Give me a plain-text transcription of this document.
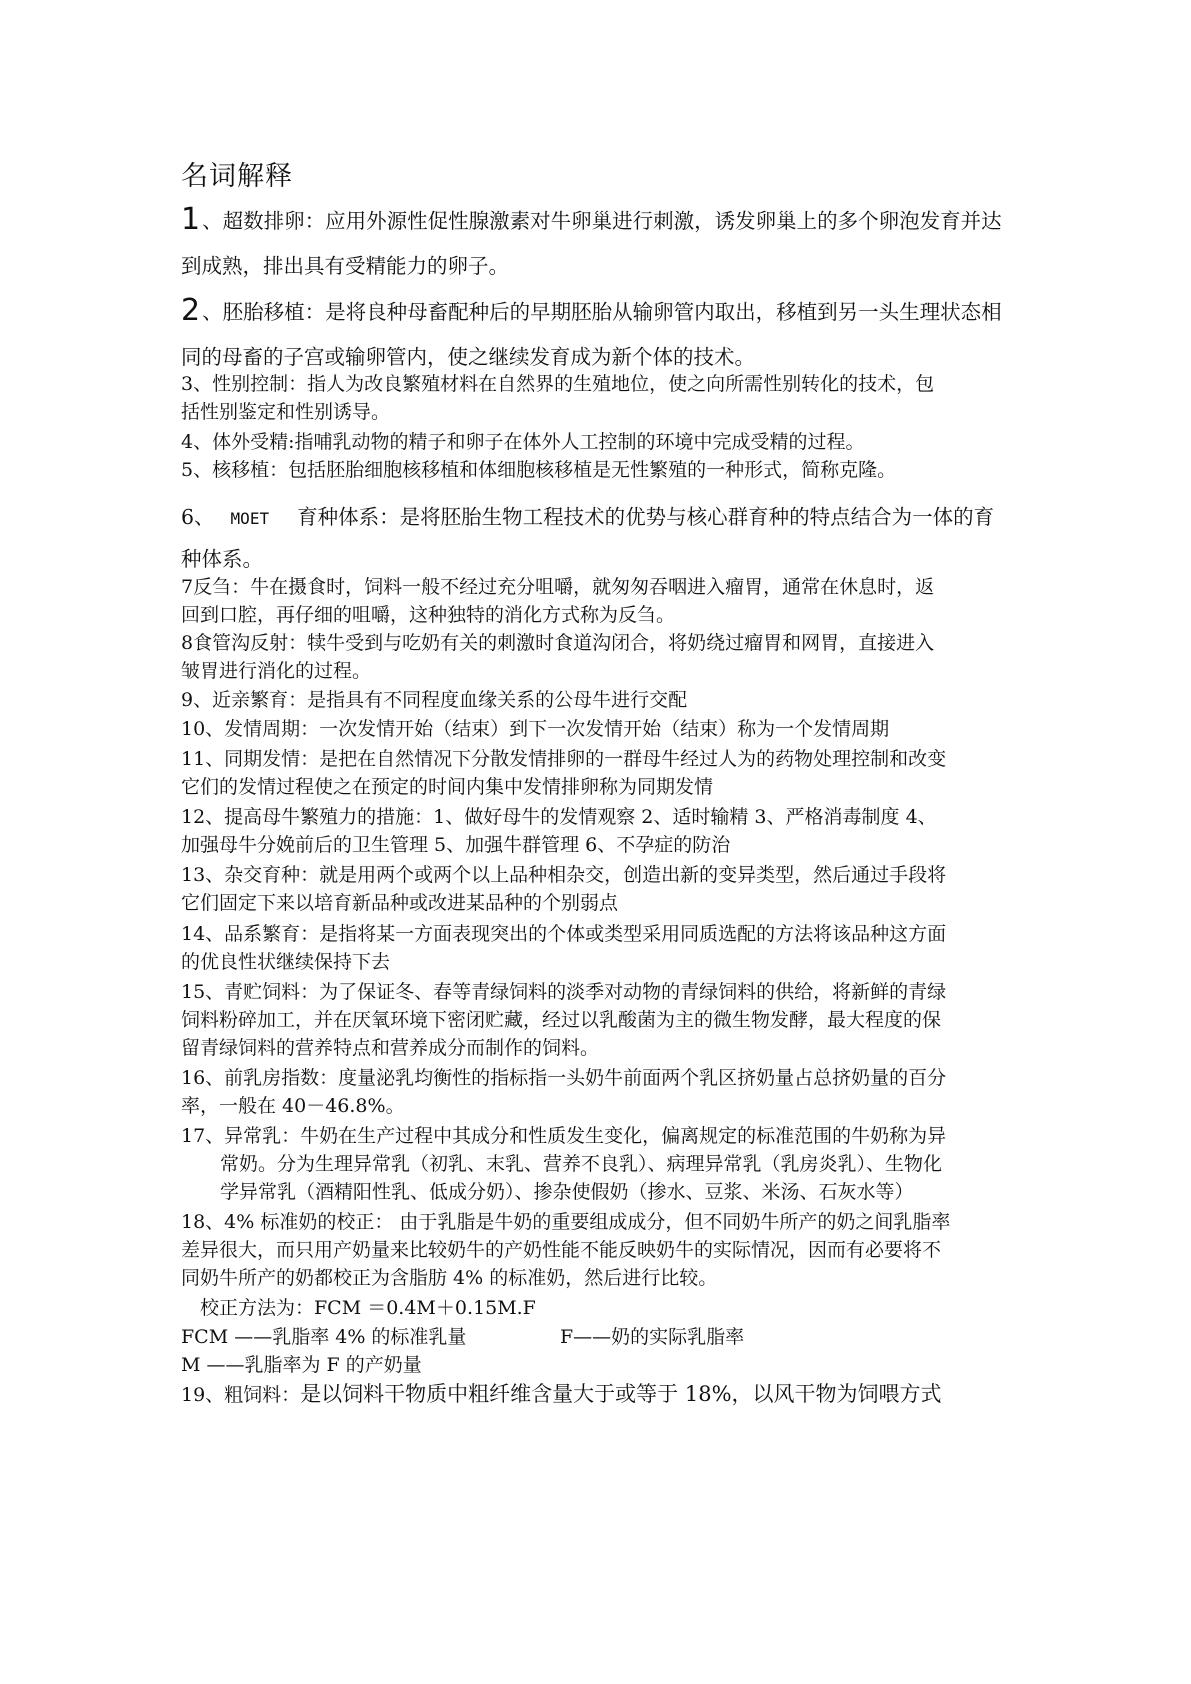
名词解释
1、超数排卵：应用外源性促性腺激素对牛卵巢进行刺激，诱发卵巢上的多个卵泡发育并达
到成熟，排出具有受精能力的卵子。
2、胚胎移植：是将良种母畜配种后的早期胚胎从输卵管内取出，移植到另一头生理状态相
同的母畜的子宫或输卵管内，使之继续发育成为新个体的技术。
3、性别控制：指人为改良繁殖材料在自然界的生殖地位，使之向所需性别转化的技术，包
括性别鉴定和性别诱导。
4、体外受精:指哺乳动物的精子和卵子在体外人工控制的环境中完成受精的过程。
5、核移植：包括胚胎细胞核移植和体细胞核移植是无性繁殖的一种形式，简称克隆。
6、 MOET 育种体系：是将胚胎生物工程技术的优势与核心群育种的特点结合为一体的育
种体系。
7反刍：牛在摄食时，饲料一般不经过充分咀嚼，就匆匆吞咽进入瘤胃，通常在休息时，返
回到口腔，再仔细的咀嚼，这种独特的消化方式称为反刍。
8食管沟反射：犊牛受到与吃奶有关的刺激时食道沟闭合，将奶绕过瘤胃和网胃，直接进入
皱胃进行消化的过程。
9、近亲繁育：是指具有不同程度血缘关系的公母牛进行交配
10、发情周期：一次发情开始（结束）到下一次发情开始（结束）称为一个发情周期
11、同期发情：是把在自然情况下分散发情排卵的一群母牛经过人为的药物处理控制和改变
它们的发情过程使之在预定的时间内集中发情排卵称为同期发情
12、提高母牛繁殖力的措施：1、做好母牛的发情观察 2、适时输精 3、严格消毒制度 4、
加强母牛分娩前后的卫生管理 5、加强牛群管理 6、不孕症的防治
13、杂交育种：就是用两个或两个以上品种相杂交，创造出新的变异类型，然后通过手段将
它们固定下来以培育新品种或改进某品种的个别弱点
14、品系繁育：是指将某一方面表现突出的个体或类型采用同质选配的方法将该品种这方面
的优良性状继续保持下去
15、青贮饲料：为了保证冬、春等青绿饲料的淡季对动物的青绿饲料的供给，将新鲜的青绿
饲料粉碎加工，并在厌氧环境下密闭贮藏，经过以乳酸菌为主的微生物发酵，最大程度的保
留青绿饲料的营养特点和营养成分而制作的饲料。
16、前乳房指数：度量泌乳均衡性的指标指一头奶牛前面两个乳区挤奶量占总挤奶量的百分
率，一般在 40－46.8%。
17、异常乳：牛奶在生产过程中其成分和性质发生变化，偏离规定的标准范围的牛奶称为异
常奶。分为生理异常乳（初乳、末乳、营养不良乳）、病理异常乳（乳房炎乳）、生物化
学异常乳（酒精阳性乳、低成分奶）、掺杂使假奶（掺水、豆浆、米汤、石灰水等）
18、4% 标准奶的校正： 由于乳脂是牛奶的重要组成成分，但不同奶牛所产的奶之间乳脂率
差异很大，而只用产奶量来比较奶牛的产奶性能不能反映奶牛的实际情况，因而有必要将不
同奶牛所产的奶都校正为含脂肪 4% 的标准奶，然后进行比较。
校正方法为：FCM ＝0.4M＋0.15M.F
FCM ——乳脂率 4% 的标准乳量	F——奶的实际乳脂率
M ——乳脂率为 F 的产奶量
19、粗饲料：是以饲料干物质中粗纤维含量大于或等于 18%，以风干物为饲喂方式
